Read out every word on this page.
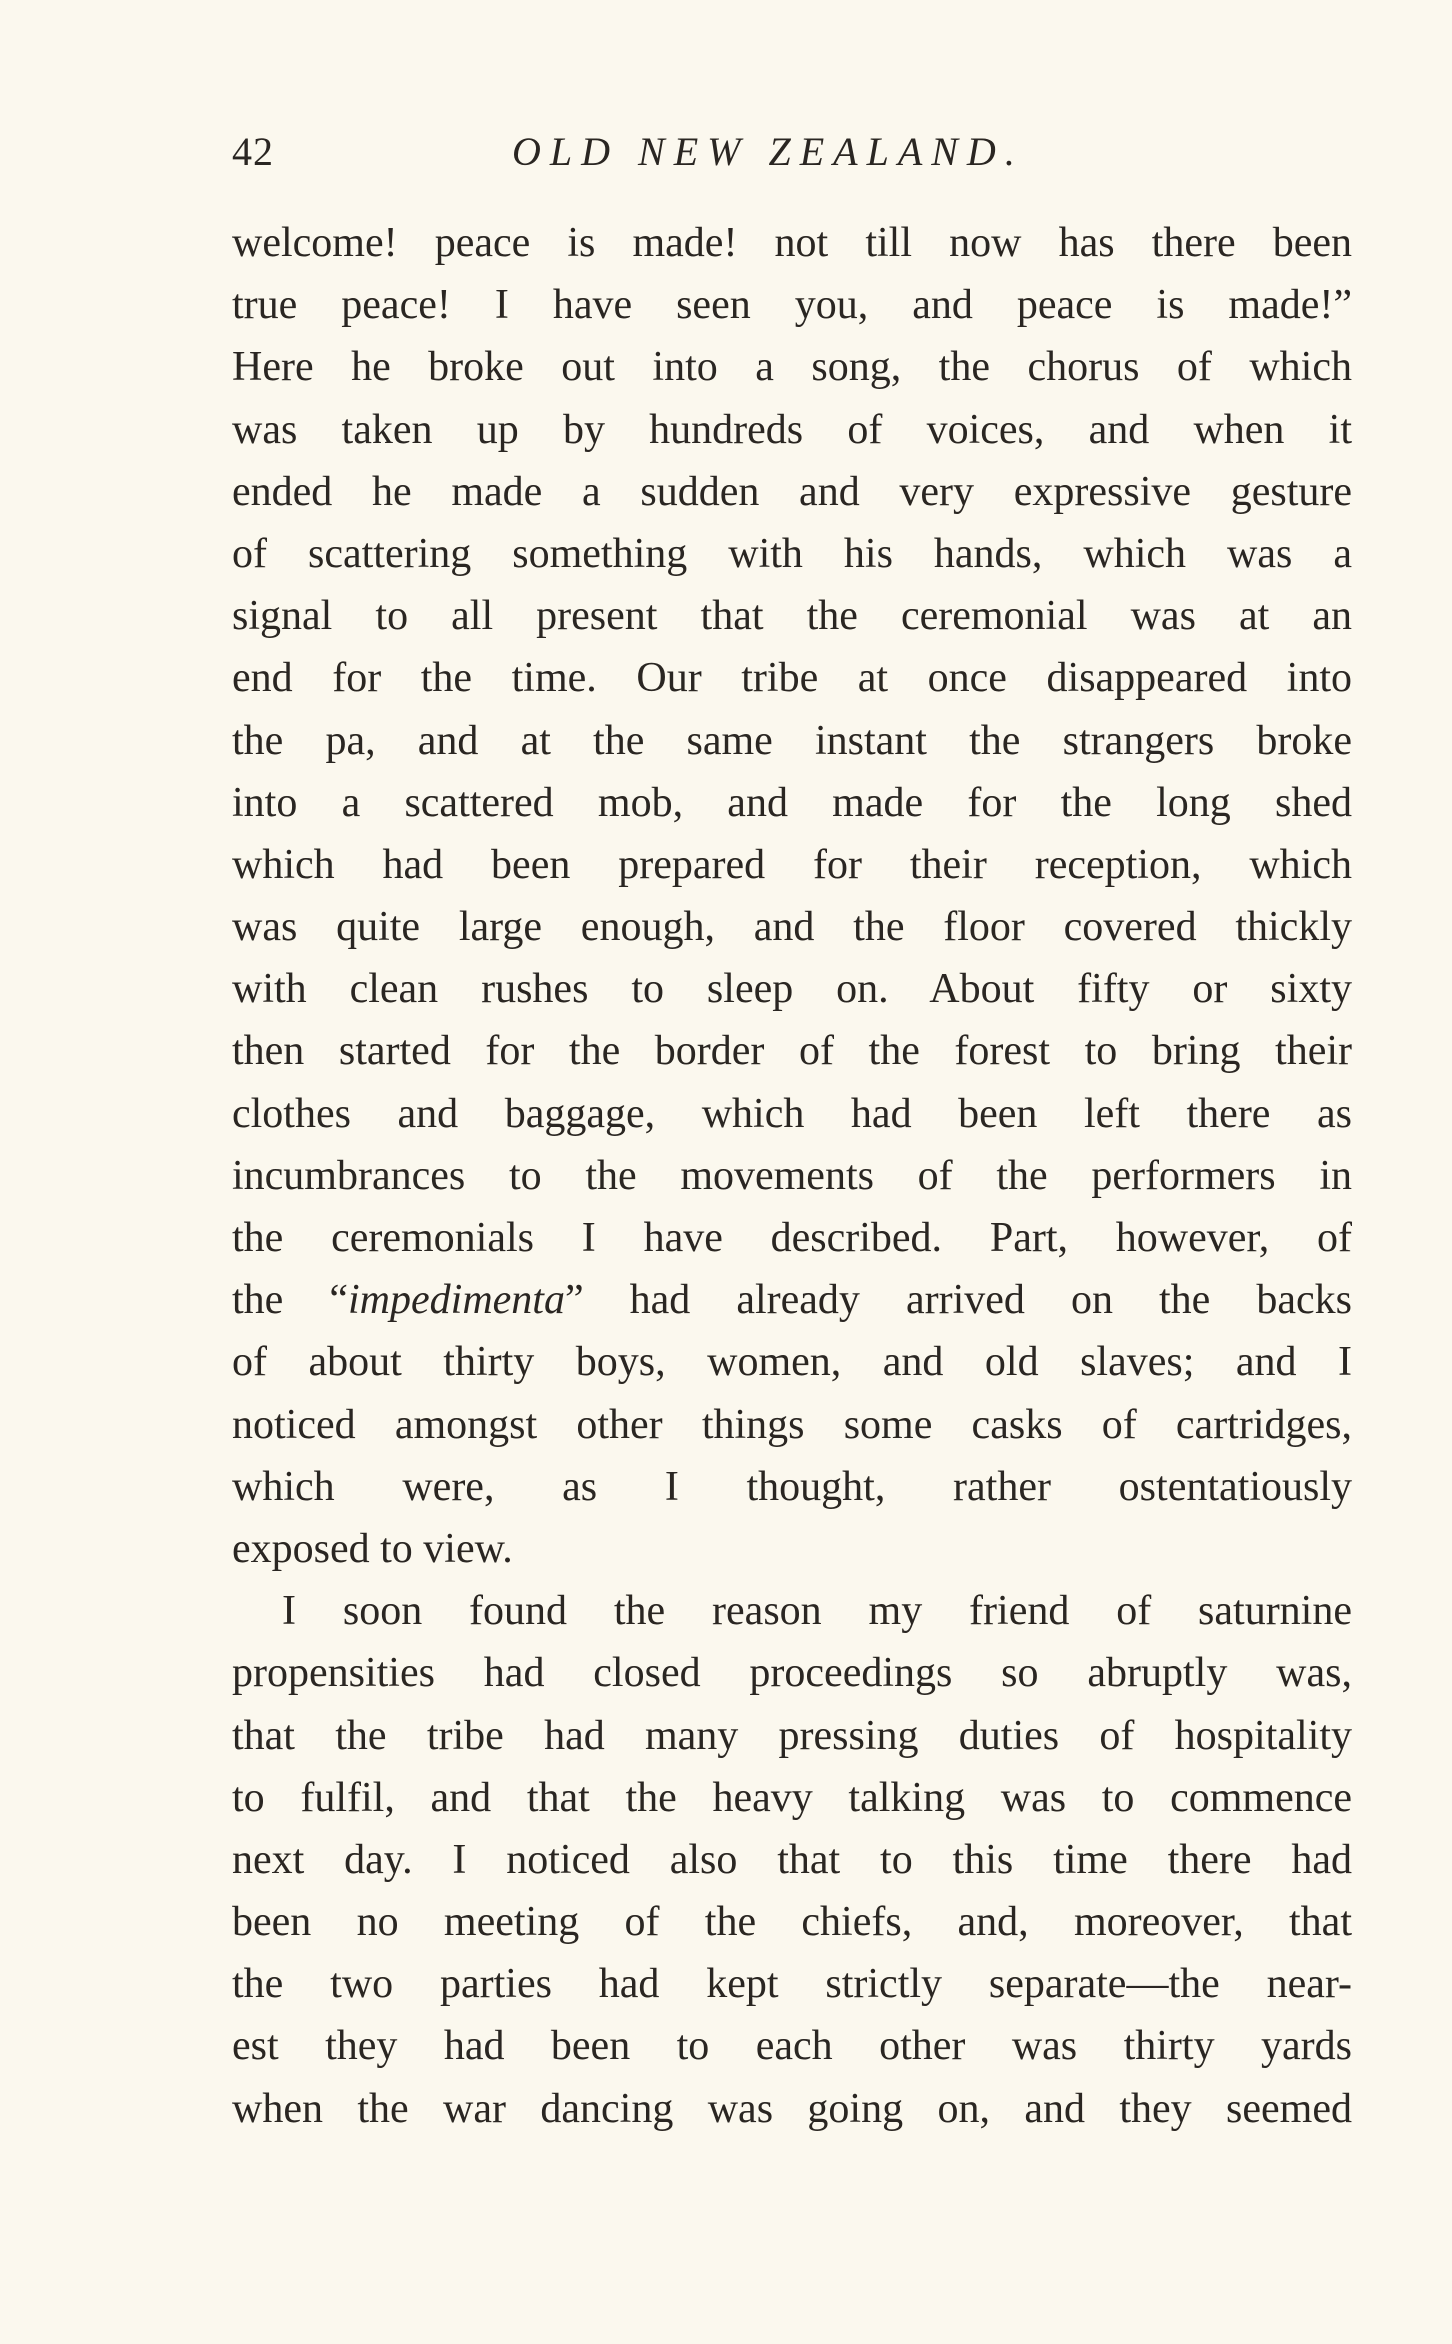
42	OLD NEW ZEALAND.
welcome! peace is made! not till now has there been
true peace! I have seen you, and peace is made!”
Here he broke out into a song, the chorus of which
was taken up by hundreds of voices, and when it
ended he made a sudden and very expressive gesture
of scattering something with his hands, which was a
signal to all present that the ceremonial was at an
end for the time. Our tribe at once disappeared into
the pa, and at the same instant the strangers broke
into a scattered mob, and made for the long shed
which had been prepared for their reception, which
was quite large enough, and the floor covered thickly
with clean rushes to sleep on. About fifty or sixty
then started for the border of the forest to bring their
clothes and baggage, which had been left there as
incumbrances to the movements of the performers in
the ceremonials I have described. Part, however, of
the “impedimenta” had already arrived on the backs
of about thirty boys, women, and old slaves; and I
noticed amongst other things some casks of cartridges,
which were, as I thought, rather ostentatiously
exposed to view.
I soon found the reason my friend of saturnine
propensities had closed proceedings so abruptly was,
that the tribe had many pressing duties of hospitality
to fulfil, and that the heavy talking was to commence
next day. I noticed also that to this time there had
been no meeting of the chiefs, and, moreover, that
the two parties had kept strictly separate—the near-
est they had been to each other was thirty yards
when the war dancing was going on, and they seemed
